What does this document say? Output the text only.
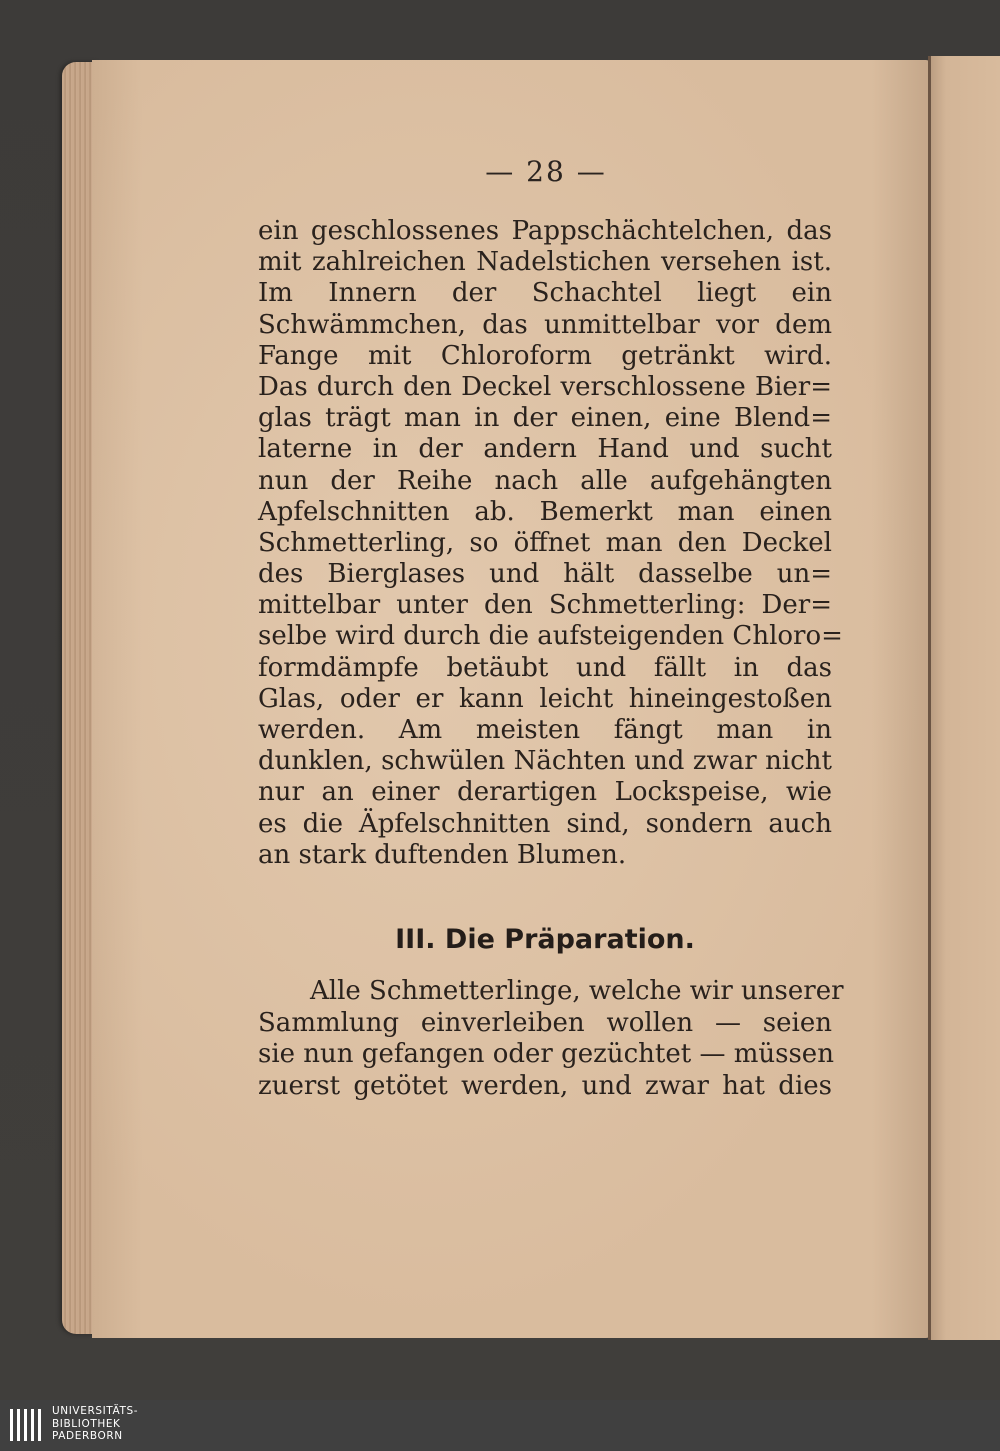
— 28 —
ein geschlossenes Pappschächtelchen, das
mit zahlreichen Nadelstichen versehen ist.
Im Innern der Schachtel liegt ein
Schwämmchen, das unmittelbar vor dem
Fange mit Chloroform getränkt wird.
Das durch den Deckel verschlossene Bier=
glas trägt man in der einen, eine Blend=
laterne in der andern Hand und sucht
nun der Reihe nach alle aufgehängten
Apfelschnitten ab. Bemerkt man einen
Schmetterling, so öffnet man den Deckel
des Bierglases und hält dasselbe un=
mittelbar unter den Schmetterling: Der=
selbe wird durch die aufsteigenden Chloro=
formdämpfe betäubt und fällt in das
Glas, oder er kann leicht hineingestoßen
werden. Am meisten fängt man in
dunklen, schwülen Nächten und zwar nicht
nur an einer derartigen Lockspeise, wie
es die Äpfelschnitten sind, sondern auch
an stark duftenden Blumen.
III. Die Präparation.
Alle Schmetterlinge, welche wir unserer
Sammlung einverleiben wollen — seien
sie nun gefangen oder gezüchtet — müssen
zuerst getötet werden, und zwar hat dies
UNIVERSITÄTS-
BIBLIOTHEK
PADERBORN
